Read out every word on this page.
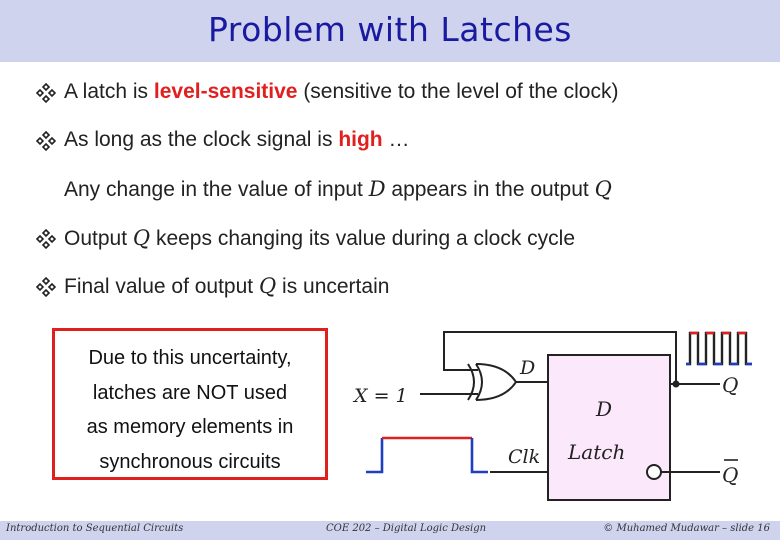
Problem with Latches
A latch is level-sensitive (sensitive to the level of the clock)
As long as the clock signal is high …
Any change in the value of input D appears in the output Q
Output Q keeps changing its value during a clock cycle
Final value of output Q is uncertain
Due to this uncertainty,
latches are NOT used
as memory elements in
synchronous circuits
D
Latch
X = 1
D
Q
Q
Clk
Introduction to Sequential Circuits	COE 202 – Digital Logic Design	© Muhamed Mudawar – slide 16
